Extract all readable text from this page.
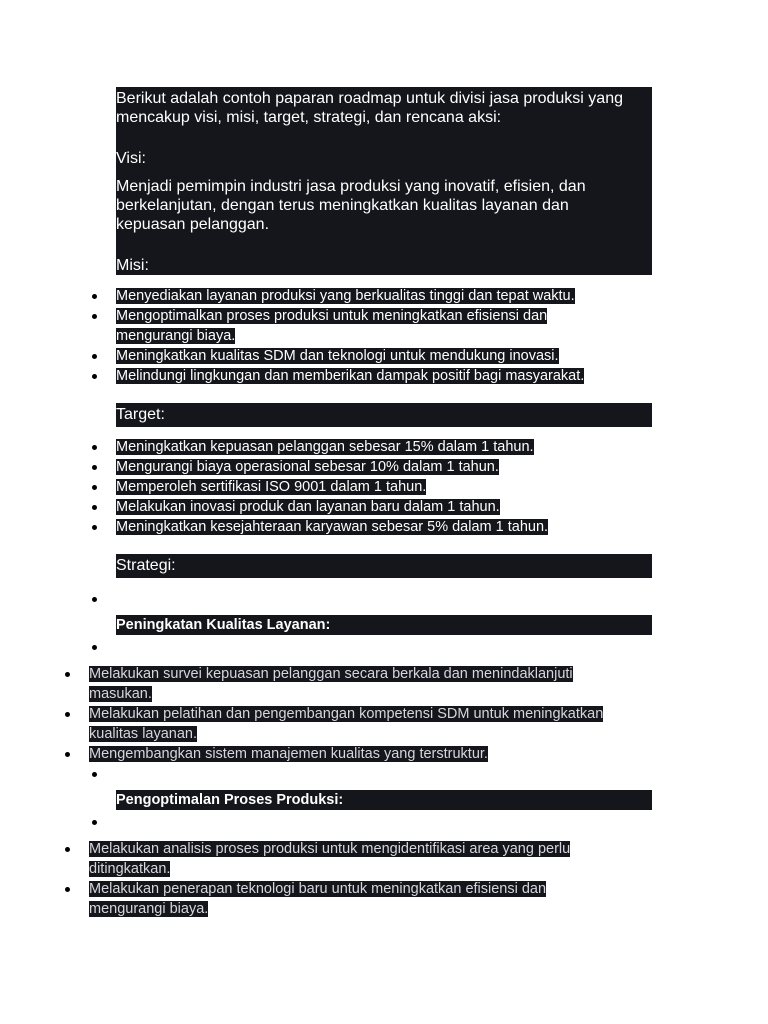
Berikut adalah contoh paparan roadmap untuk divisi jasa produksi yang mencakup visi, misi, target, strategi, dan rencana aksi:

Visi:

Menjadi pemimpin industri jasa produksi yang inovatif, efisien, dan berkelanjutan, dengan terus meningkatkan kualitas layanan dan kepuasan pelanggan.

Misi:

Menyediakan layanan produksi yang berkualitas tinggi dan tepat waktu.
Mengoptimalkan proses produksi untuk meningkatkan efisiensi dan mengurangi biaya.
Meningkatkan kualitas SDM dan teknologi untuk mendukung inovasi.
Melindungi lingkungan dan memberikan dampak positif bagi masyarakat.
Target:
Meningkatkan kepuasan pelanggan sebesar 15% dalam 1 tahun.
Mengurangi biaya operasional sebesar 10% dalam 1 tahun.
Memperoleh sertifikasi ISO 9001 dalam 1 tahun.
Melakukan inovasi produk dan layanan baru dalam 1 tahun.
Meningkatkan kesejahteraan karyawan sebesar 5% dalam 1 tahun.
Strategi:
Peningkatan Kualitas Layanan:
Melakukan survei kepuasan pelanggan secara berkala dan menindaklanjuti masukan.
Melakukan pelatihan dan pengembangan kompetensi SDM untuk meningkatkan kualitas layanan.
Mengembangkan sistem manajemen kualitas yang terstruktur.
Pengoptimalan Proses Produksi:
Melakukan analisis proses produksi untuk mengidentifikasi area yang perlu ditingkatkan.
Melakukan penerapan teknologi baru untuk meningkatkan efisiensi dan mengurangi biaya.
